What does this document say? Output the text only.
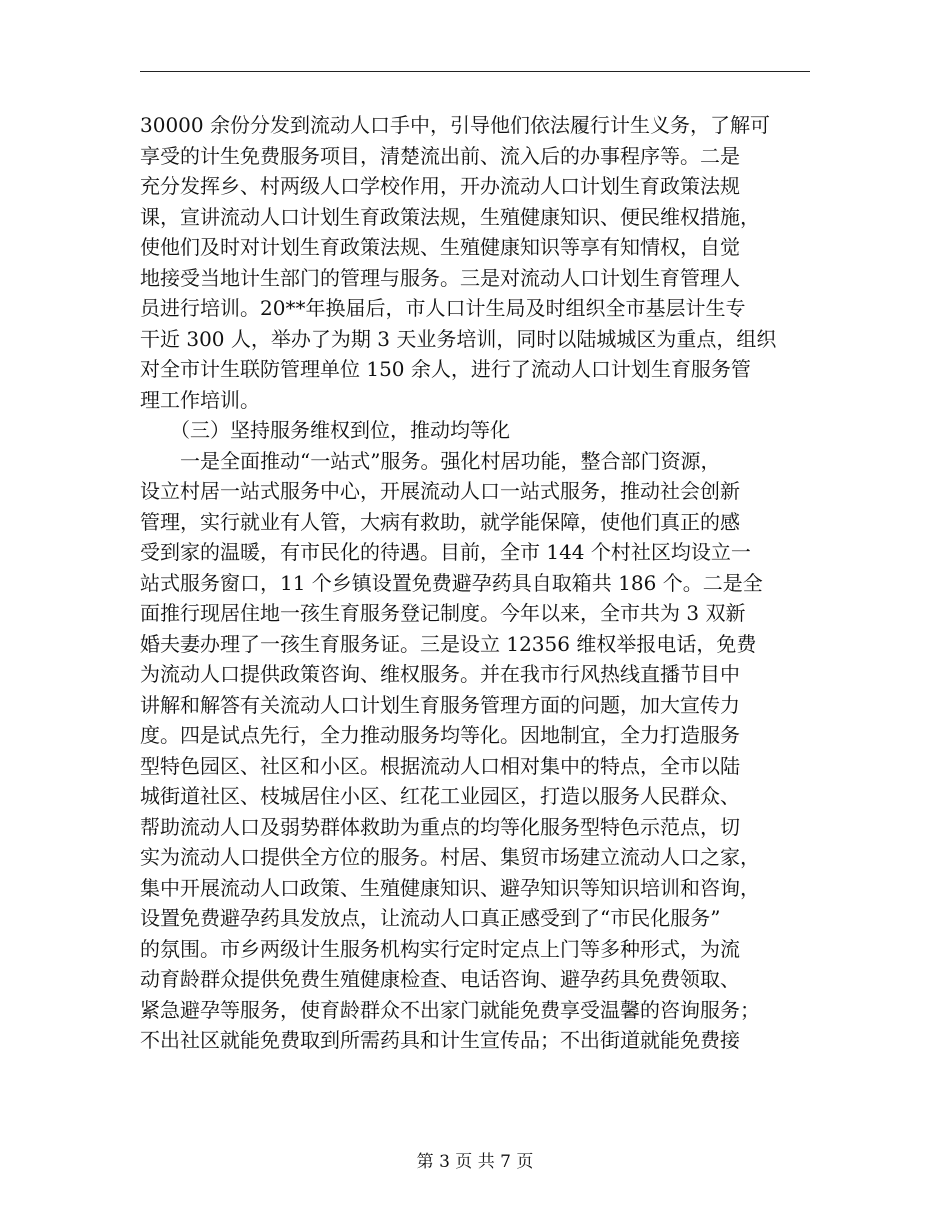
30000 余份分发到流动人口手中，引导他们依法履行计生义务，了解可
享受的计生免费服务项目，清楚流出前、流入后的办事程序等。二是
充分发挥乡、村两级人口学校作用，开办流动人口计划生育政策法规
课，宣讲流动人口计划生育政策法规，生殖健康知识、便民维权措施，
使他们及时对计划生育政策法规、生殖健康知识等享有知情权，自觉
地接受当地计生部门的管理与服务。三是对流动人口计划生育管理人
员进行培训。20**年换届后，市人口计生局及时组织全市基层计生专
干近 300 人，举办了为期 3 天业务培训，同时以陆城城区为重点，组织
对全市计生联防管理单位 150 余人，进行了流动人口计划生育服务管
理工作培训。
　　（三）坚持服务维权到位，推动均等化
　　一是全面推动“一站式”服务。强化村居功能，整合部门资源，
设立村居一站式服务中心，开展流动人口一站式服务，推动社会创新
管理，实行就业有人管，大病有救助，就学能保障，使他们真正的感
受到家的温暖，有市民化的待遇。目前，全市 144 个村社区均设立一
站式服务窗口，11 个乡镇设置免费避孕药具自取箱共 186 个。二是全
面推行现居住地一孩生育服务登记制度。今年以来，全市共为 3 双新
婚夫妻办理了一孩生育服务证。三是设立 12356 维权举报电话，免费
为流动人口提供政策咨询、维权服务。并在我市行风热线直播节目中
讲解和解答有关流动人口计划生育服务管理方面的问题，加大宣传力
度。四是试点先行，全力推动服务均等化。因地制宜，全力打造服务
型特色园区、社区和小区。根据流动人口相对集中的特点，全市以陆
城街道社区、枝城居住小区、红花工业园区，打造以服务人民群众、
帮助流动人口及弱势群体救助为重点的均等化服务型特色示范点，切
实为流动人口提供全方位的服务。村居、集贸市场建立流动人口之家，
集中开展流动人口政策、生殖健康知识、避孕知识等知识培训和咨询，
设置免费避孕药具发放点，让流动人口真正感受到了“市民化服务”
的氛围。市乡两级计生服务机构实行定时定点上门等多种形式，为流
动育龄群众提供免费生殖健康检查、电话咨询、避孕药具免费领取、
紧急避孕等服务，使育龄群众不出家门就能免费享受温馨的咨询服务；
不出社区就能免费取到所需药具和计生宣传品；不出街道就能免费接
第 3 页 共 7 页
